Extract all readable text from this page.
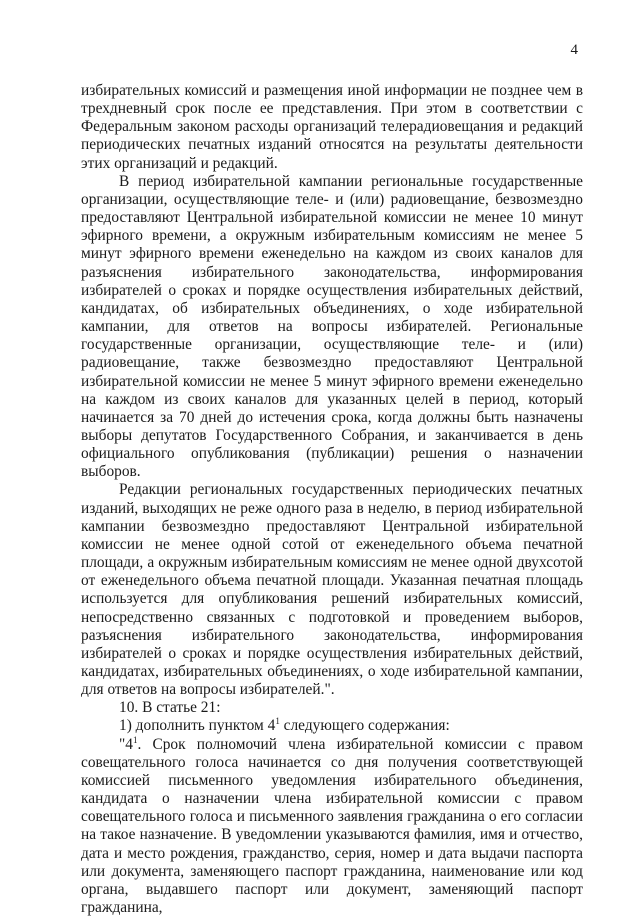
4

избирательных комиссий и размещения иной информации не позднее чем в трехдневный срок после ее представления. При этом в соответствии с Федеральным законом расходы организаций телерадиовещания и редакций периодических печатных изданий относятся на результаты деятельности этих организаций и редакций.

В период избирательной кампании региональные государственные организации, осуществляющие теле- и (или) радиовещание, безвозмездно предоставляют Центральной избирательной комиссии не менее 10 минут эфирного времени, а окружным избирательным комиссиям не менее 5 минут эфирного времени еженедельно на каждом из своих каналов для разъяснения избирательного законодательства, информирования избирателей о сроках и порядке осуществления избирательных действий, кандидатах, об избирательных объединениях, о ходе избирательной кампании, для ответов на вопросы избирателей. Региональные государственные организации, осуществляющие теле- и (или) радиовещание, также безвозмездно предоставляют Центральной избирательной комиссии не менее 5 минут эфирного времени еженедельно на каждом из своих каналов для указанных целей в период, который начинается за 70 дней до истечения срока, когда должны быть назначены выборы депутатов Государственного Собрания, и заканчивается в день официального опубликования (публикации) решения о назначении выборов.

Редакции региональных государственных периодических печатных изданий, выходящих не реже одного раза в неделю, в период избирательной кампании безвозмездно предоставляют Центральной избирательной комиссии не менее одной сотой от еженедельного объема печатной площади, а окружным избирательным комиссиям не менее одной двухсотой от еженедельного объема печатной площади. Указанная печатная площадь используется для опубликования решений избирательных комиссий, непосредственно связанных с подготовкой и проведением выборов, разъяснения избирательного законодательства, информирования избирателей о сроках и порядке осуществления избирательных действий, кандидатах, избирательных объединениях, о ходе избирательной кампании, для ответов на вопросы избирателей.".

10. В статье 21:

1) дополнить пунктом $4^1$ следующего содержания:

"$4^1$. Срок полномочий члена избирательной комиссии с правом совещательного голоса начинается со дня получения соответствующей комиссией письменного уведомления избирательного объединения, кандидата о назначении члена избирательной комиссии с правом совещательного голоса и письменного заявления гражданина о его согласии на такое назначение. В уведомлении указываются фамилия, имя и отчество, дата и место рождения, гражданство, серия, номер и дата выдачи паспорта или документа, заменяющего паспорт гражданина, наименование или код органа, выдавшего паспорт или документ, заменяющий паспорт гражданина,
